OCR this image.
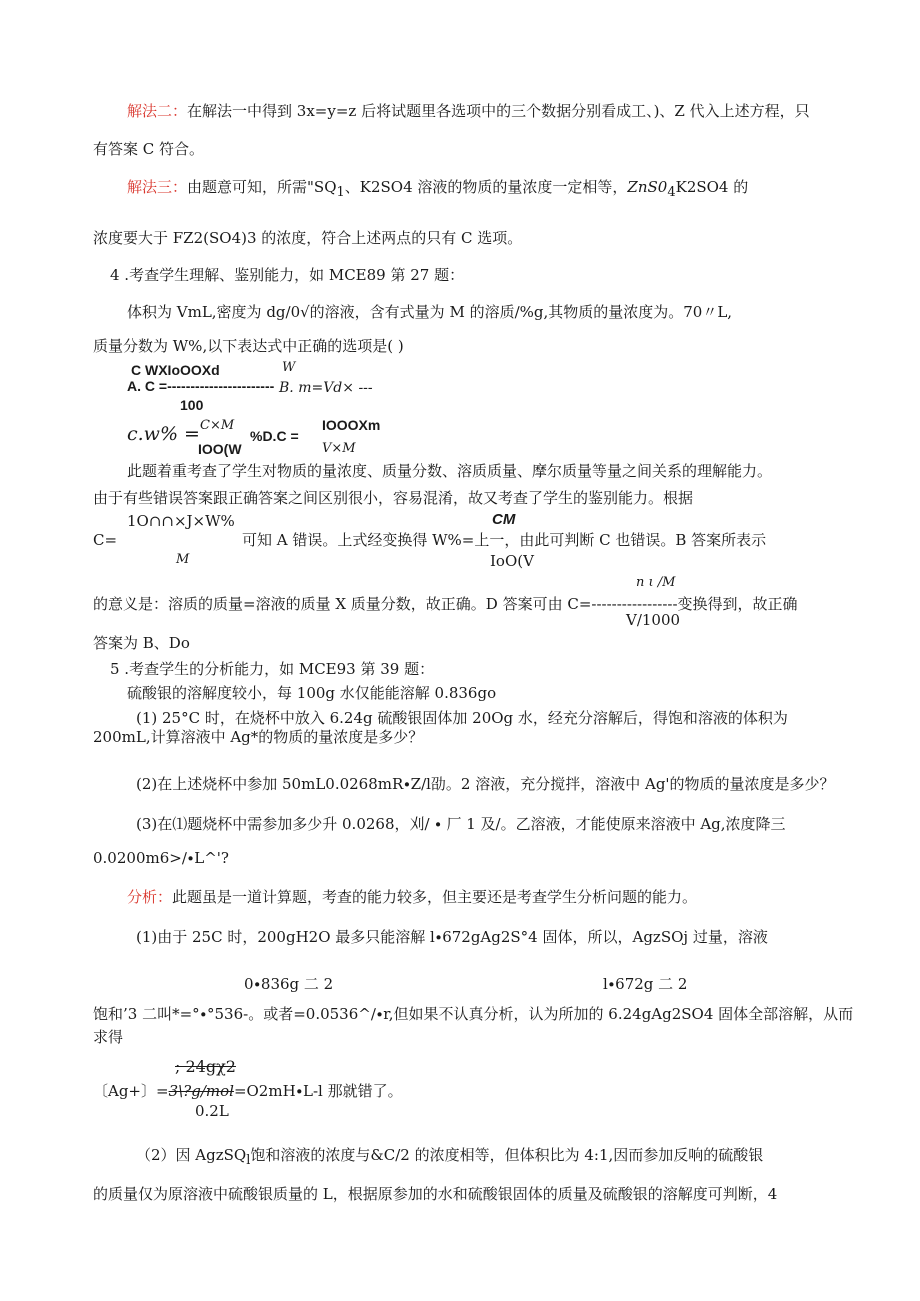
解法二：在解法一中得到 3x=y=z 后将试题里各选项中的三个数据分别看成工、)、Z 代入上述方程，只
有答案 C 符合。
解法三：由题意可知，所需"$SQ_1$、K2SO4 溶液的物质的量浓度一定相等，$ZnS0_4K2SO4$ 的
浓度要大于 FZ2(SO4)3 的浓度，符合上述两点的只有 C 选项。
4 .考查学生理解、鉴别能力，如 MCE89 第 27 题：
体积为 VmL,密度为 dg∕0√的溶液，含有式量为 M 的溶质∕%g,其物质的量浓度为。70〃L,
质量分数为 W%,以下表达式中正确的选项是( )
C WXIoOOXd
A. C =-----------------------
100
W
B. m=Vd× ---
c.w% = C×M
IOO(W
%D.C =
IOOOXm
V×M
此题着重考查了学生对物质的量浓度、质量分数、溶质质量、摩尔质量等量之间关系的理解能力。
由于有些错误答案跟正确答案之间区别很小，容易混淆，故又考查了学生的鉴别能力。根据
1O∩∩×J×W%
C=
M
可知 A 错误。上式经变换得 W%=上一，由此可判断 C 也错误。B 答案所表示
CM
IoO(V
n ι /M
的意义是：溶质的质量=溶液的质量 X 质量分数，故正确。D 答案可由 C=-----------------变换得到，故正确
V/1000
答案为 B、Do
5 .考查学生的分析能力，如 MCE93 第 39 题：
硫酸银的溶解度较小，每 100g 水仅能能溶解 0.836go
(1) 25°C 时，在烧杯中放入 6.24g 硫酸银固体加 20Og 水，经充分溶解后，得饱和溶液的体积为
200mL,计算溶液中 Ag*的物质的量浓度是多少？
(2)在上述烧杯中参加 50mL0.0268mR∙Z∕l劭。2 溶液，充分搅拌，溶液中 Ag'的物质的量浓度是多少？
(3)在⑴题烧杯中需参加多少升 0.0268，刈/ ∙ 厂 1 及/。乙溶液，才能使原来溶液中 Ag,浓度降三
0.0200m6>∕∙L^'?
分析：此题虽是一道计算题，考查的能力较多，但主要还是考查学生分析问题的能力。
(1)由于 25C 时，200gH2O 最多只能溶解 l∙672gAg2S°4 固体，所以，AgzSOj 过量，溶液
0∙836g 二 2	l∙672g 二 2
饱和’3 二叫*=°∙°536-。或者=0.0536^∕∙r,但如果不认真分析，认为所加的 6.24gAg2SO4 固体全部溶解，从而
求得
; 24gχ2
〔Ag+〕=3\?g∕mol=O2mH∙L-l 那就错了。
0.2L
（2）因 AgzSQ$_l$饱和溶液的浓度与&C/2 的浓度相等，但体积比为 4:1,因而参加反响的硫酸银
的质量仅为原溶液中硫酸银质量的 L，根据原参加的水和硫酸银固体的质量及硫酸银的溶解度可判断，4
